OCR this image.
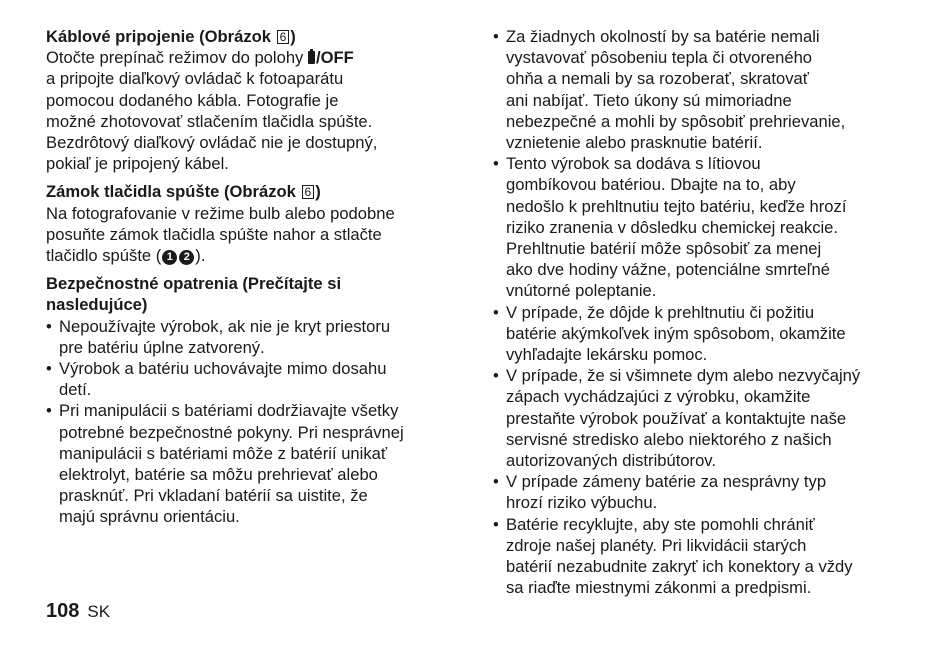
Káblové pripojenie (Obrázok 6 )
Otočte prepínač režimov do polohy /OFF
a pripojte diaľkový ovládač k fotoaparátu
pomocou dodaného kábla. Fotografie je
možné zhotovovať stlačením tlačidla spúšte.
Bezdrôtový diaľkový ovládač nie je dostupný,
pokiaľ je pripojený kábel.
Zámok tlačidla spúšte (Obrázok 6 )
Na fotografovanie v režime bulb alebo podobne
posuňte zámok tlačidla spúšte nahor a stlačte
tlačidlo spúšte ( 1 2 ).
Bezpečnostné opatrenia (Prečítajte si
nasledujúce)
• Nepoužívajte výrobok, ak nie je kryt priestoru
pre batériu úplne zatvorený.
• Výrobok a batériu uchovávajte mimo dosahu
detí.
• Pri manipulácii s batériami dodržiavajte všetky
potrebné bezpečnostné pokyny. Pri nesprávnej
manipulácii s batériami môže z batérií unikať
elektrolyt, batérie sa môžu prehrievať alebo
prasknúť. Pri vkladaní batérií sa uistite, že
majú správnu orientáciu.
• Za žiadnych okolností by sa batérie nemali
vystavovať pôsobeniu tepla či otvoreného
ohňa a nemali by sa rozoberať, skratovať
ani nabíjať. Tieto úkony sú mimoriadne
nebezpečné a mohli by spôsobiť prehrievanie,
vznietenie alebo prasknutie batérií.
• Tento výrobok sa dodáva s lítiovou
gombíkovou batériou. Dbajte na to, aby
nedošlo k prehltnutiu tejto batériu, keďže hrozí
riziko zranenia v dôsledku chemickej reakcie.
Prehltnutie batérií môže spôsobiť za menej
ako dve hodiny vážne, potenciálne smrteľné
vnútorné poleptanie.
• V prípade, že dôjde k prehltnutiu či požitiu
batérie akýmkoľvek iným spôsobom, okamžite
vyhľadajte lekársku pomoc.
• V prípade, že si všimnete dym alebo nezvyčajný
zápach vychádzajúci z výrobku, okamžite
prestaňte výrobok používať a kontaktujte naše
servisné stredisko alebo niektorého z našich
autorizovaných distribútorov.
• V prípade zámeny batérie za nesprávny typ
hrozí riziko výbuchu.
• Batérie recyklujte, aby ste pomohli chrániť
zdroje našej planéty. Pri likvidácii starých
batérií nezabudnite zakryť ich konektory a vždy
sa riaďte miestnymi zákonmi a predpismi.
108 SK
